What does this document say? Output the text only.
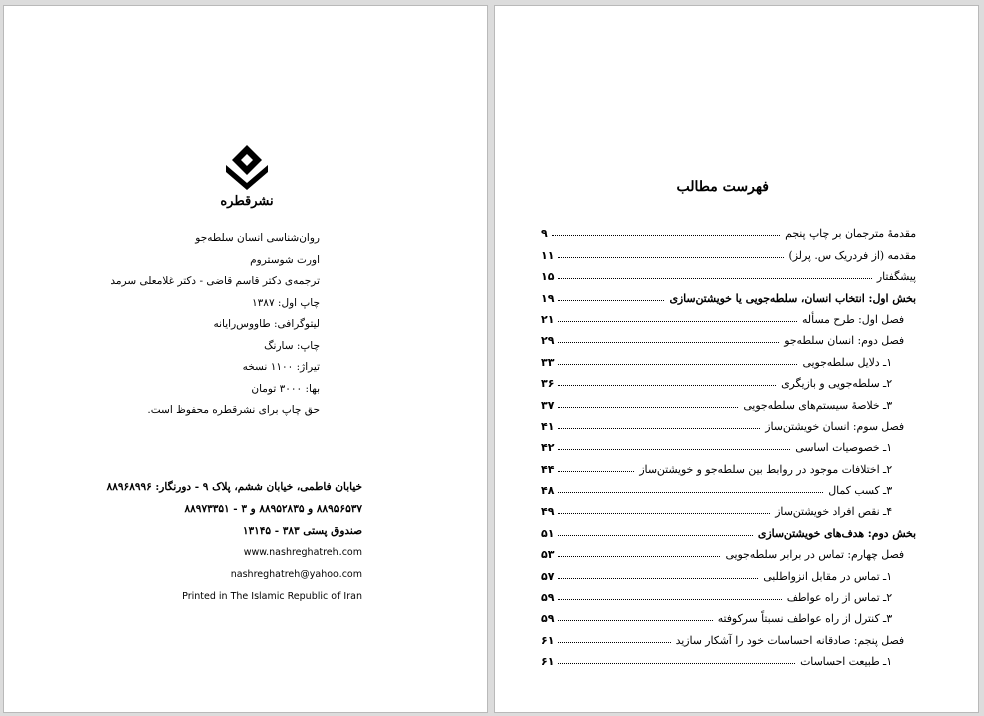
نشرقطره
روان‌شناسی انسان سلطه‌جو
اورت شوستروم
ترجمه‌ی دکتر قاسم قاضی - دکتر غلامعلی سرمد
چاپ اول: ۱۳۸۷
لیتوگرافی: طاووس‌رایانه
چاپ: سارنگ
تیراژ: ۱۱۰۰ نسخه
بها: ۳۰۰۰ تومان
حق چاپ برای نشرقطره محفوظ است.
خیابان فاطمی، خیابان ششم، پلاک ۹ - دورنگار: ۸۸۹۶۸۹۹۶
۸۸۹۵۶۵۳۷ و ۸۸۹۵۲۸۳۵ و ۳ - ۸۸۹۷۳۳۵۱
صندوق پستی ۳۸۳ - ۱۳۱۴۵
www.nashreghatreh.com
nashreghatreh@yahoo.com
Printed in The Islamic Republic of Iran
فهرست مطالب
مقدمهٔ مترجمان بر چاپ پنجم
۹
مقدمه (از فردریک س. پرلز)
۱۱
پیشگفتار
۱۵
بخش اول: انتخاب انسان، سلطه‌جویی یا خویشتن‌سازی
۱۹
فصل اول: طرح مسأله
۲۱
فصل دوم: انسان سلطه‌جو
۲۹
۱ـ دلایل سلطه‌جویی
۳۳
۲ـ سلطه‌جویی و بازیگری
۳۶
۳ـ خلاصهٔ سیستم‌های سلطه‌جویی
۳۷
فصل سوم: انسان خویشتن‌ساز
۴۱
۱ـ خصوصیات اساسی
۴۲
۲ـ اختلافات موجود در روابط بین سلطه‌جو و خویشتن‌ساز
۴۴
۳ـ کسب کمال
۴۸
۴ـ نقص افراد خویشتن‌ساز
۴۹
بخش دوم: هدف‌های خویشتن‌سازی
۵۱
فصل چهارم: تماس در برابر سلطه‌جویی
۵۳
۱ـ تماس در مقابل انزواطلبی
۵۷
۲ـ تماس از راه عواطف
۵۹
۳ـ کنترل از راه عواطف نسبتاً سرکوفته
۵۹
فصل پنجم: صادقانه احساسات خود را آشکار سازید
۶۱
۱ـ طبیعت احساسات
۶۱
